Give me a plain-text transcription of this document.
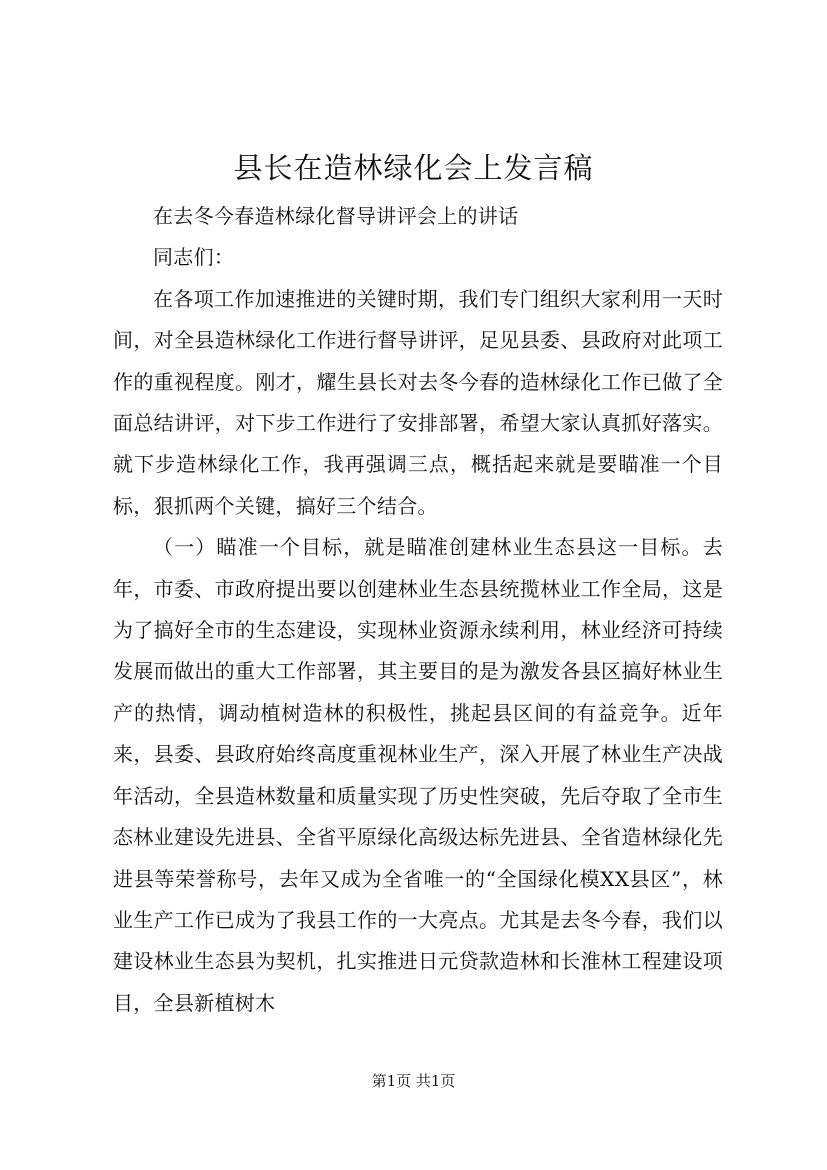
县长在造林绿化会上发言稿

在去冬今春造林绿化督导讲评会上的讲话

同志们：

在各项工作加速推进的关键时期，我们专门组织大家利用一天时间，对全县造林绿化工作进行督导讲评，足见县委、县政府对此项工作的重视程度。刚才，耀生县长对去冬今春的造林绿化工作已做了全面总结讲评，对下步工作进行了安排部署，希望大家认真抓好落实。就下步造林绿化工作，我再强调三点，概括起来就是要瞄准一个目标，狠抓两个关键，搞好三个结合。

（一）瞄准一个目标，就是瞄准创建林业生态县这一目标。去年，市委、市政府提出要以创建林业生态县统揽林业工作全局，这是为了搞好全市的生态建设，实现林业资源永续利用，林业经济可持续发展而做出的重大工作部署，其主要目的是为激发各县区搞好林业生产的热情，调动植树造林的积极性，挑起县区间的有益竞争。近年来，县委、县政府始终高度重视林业生产，深入开展了林业生产决战年活动，全县造林数量和质量实现了历史性突破，先后夺取了全市生态林业建设先进县、全省平原绿化高级达标先进县、全省造林绿化先进县等荣誉称号，去年又成为全省唯一的“全国绿化模XX县区”，林业生产工作已成为了我县工作的一大亮点。尤其是去冬今春，我们以建设林业生态县为契机，扎实推进日元贷款造林和长淮林工程建设项目，全县新植树木

第1页 共1页
